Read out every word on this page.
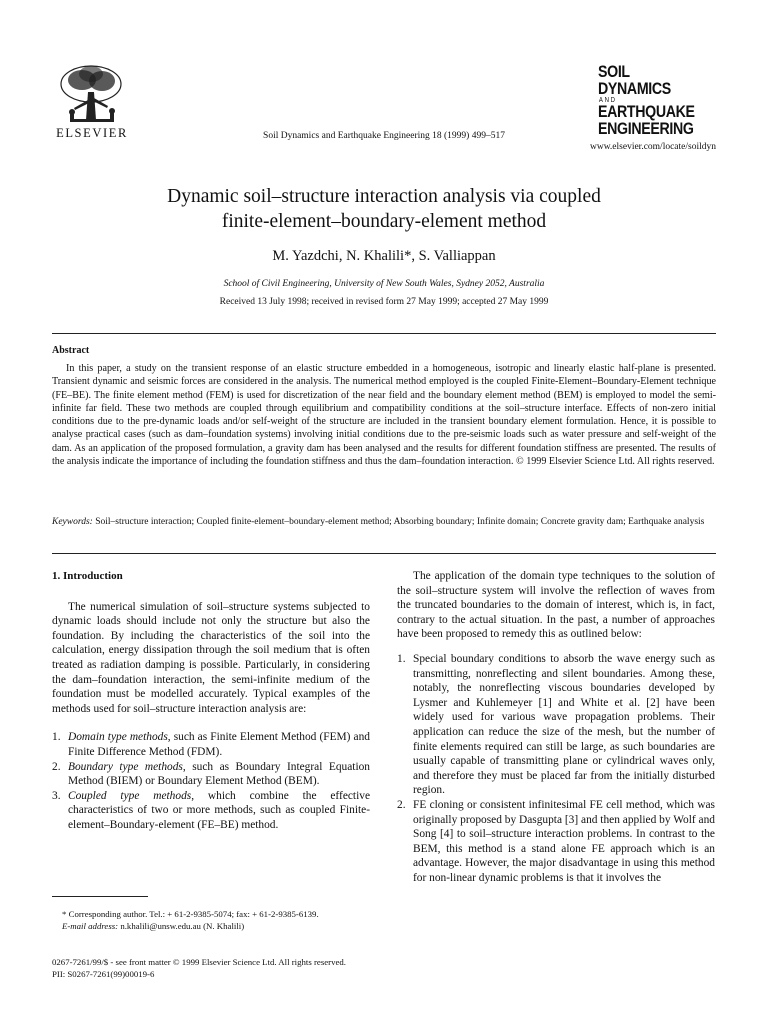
ELSEVIER	Soil Dynamics and Earthquake Engineering 18 (1999) 499–517
SOIL DYNAMICS

AND
EARTHQUAKE
ENGINEERING
www.elsevier.com/locate/soildyn
Dynamic soil–structure interaction analysis via coupled
finite-element–boundary-element method
M. Yazdchi, N. Khalili*, S. Valliappan
School of Civil Engineering, University of New South Wales, Sydney 2052, Australia
Received 13 July 1998; received in revised form 27 May 1999; accepted 27 May 1999
Abstract
In this paper, a study on the transient response of an elastic structure embedded in a homogeneous, isotropic and linearly elastic half-plane is presented. Transient dynamic and seismic forces are considered in the analysis. The numerical method employed is the coupled Finite-Element–Boundary-Element technique (FE–BE). The finite element method (FEM) is used for discretization of the near field and the boundary element method (BEM) is employed to model the semi-infinite far field. These two methods are coupled through equilibrium and compatibility conditions at the soil–structure interface. Effects of non-zero initial conditions due to the pre-dynamic loads and/or self-weight of the structure are included in the transient boundary element formulation. Hence, it is possible to analyse practical cases (such as dam–foundation systems) involving initial conditions due to the pre-seismic loads such as water pressure and self-weight of the dam. As an application of the proposed formulation, a gravity dam has been analysed and the results for different foundation stiffness are presented. The results of the analysis indicate the importance of including the foundation stiffness and thus the dam–foundation interaction. © 1999 Elsevier Science Ltd. All rights reserved.
Keywords: Soil–structure interaction; Coupled finite-element–boundary-element method; Absorbing boundary; Infinite domain; Concrete gravity dam; Earthquake analysis
1. Introduction

The numerical simulation of soil–structure systems subjected to dynamic loads should include not only the structure but also the foundation. By including the characteristics of the soil into the calculation, energy dissipation through the soil medium that is often treated as radiation damping is possible. Particularly, in considering the dam–foundation interaction, the semi-infinite medium of the foundation must be modelled accurately. Typical examples of the methods used for soil–structure interaction analysis are:

1. Domain type methods, such as Finite Element Method (FEM) and Finite Difference Method (FDM).
2. Boundary type methods, such as Boundary Integral Equation Method (BIEM) or Boundary Element Method (BEM).
3. Coupled type methods, which combine the effective characteristics of two or more methods, such as coupled Finite-element–Boundary-element (FE–BE) method.

The application of the domain type techniques to the solution of the soil–structure system will involve the reflection of waves from the truncated boundaries to the domain of interest, which is, in fact, contrary to the actual situation. In the past, a number of approaches have been proposed to remedy this as outlined below:

1. Special boundary conditions to absorb the wave energy such as transmitting, nonreflecting and silent boundaries. Among these, notably, the nonreflecting viscous boundaries developed by Lysmer and Kuhlemeyer [1] and White et al. [2] have been widely used for various wave propagation problems. Their application can reduce the size of the mesh, but the number of finite elements required can still be large, as such boundaries are usually capable of transmitting plane or cylindrical waves only, and therefore they must be placed far from the initially disturbed region.
2. FE cloning or consistent infinitesimal FE cell method, which was originally proposed by Dasgupta [3] and then applied by Wolf and Song [4] to soil–structure interaction problems. In contrast to the BEM, this method is a stand alone FE approach which is an advantage. However, the major disadvantage in using this method for non-linear dynamic problems is that it involves the
* Corresponding author. Tel.: + 61-2-9385-5074; fax: + 61-2-9385-6139.
E-mail address: n.khalili@unsw.edu.au (N. Khalili)
0267-7261/99/$ - see front matter © 1999 Elsevier Science Ltd. All rights reserved.
PII: S0267-7261(99)00019-6
